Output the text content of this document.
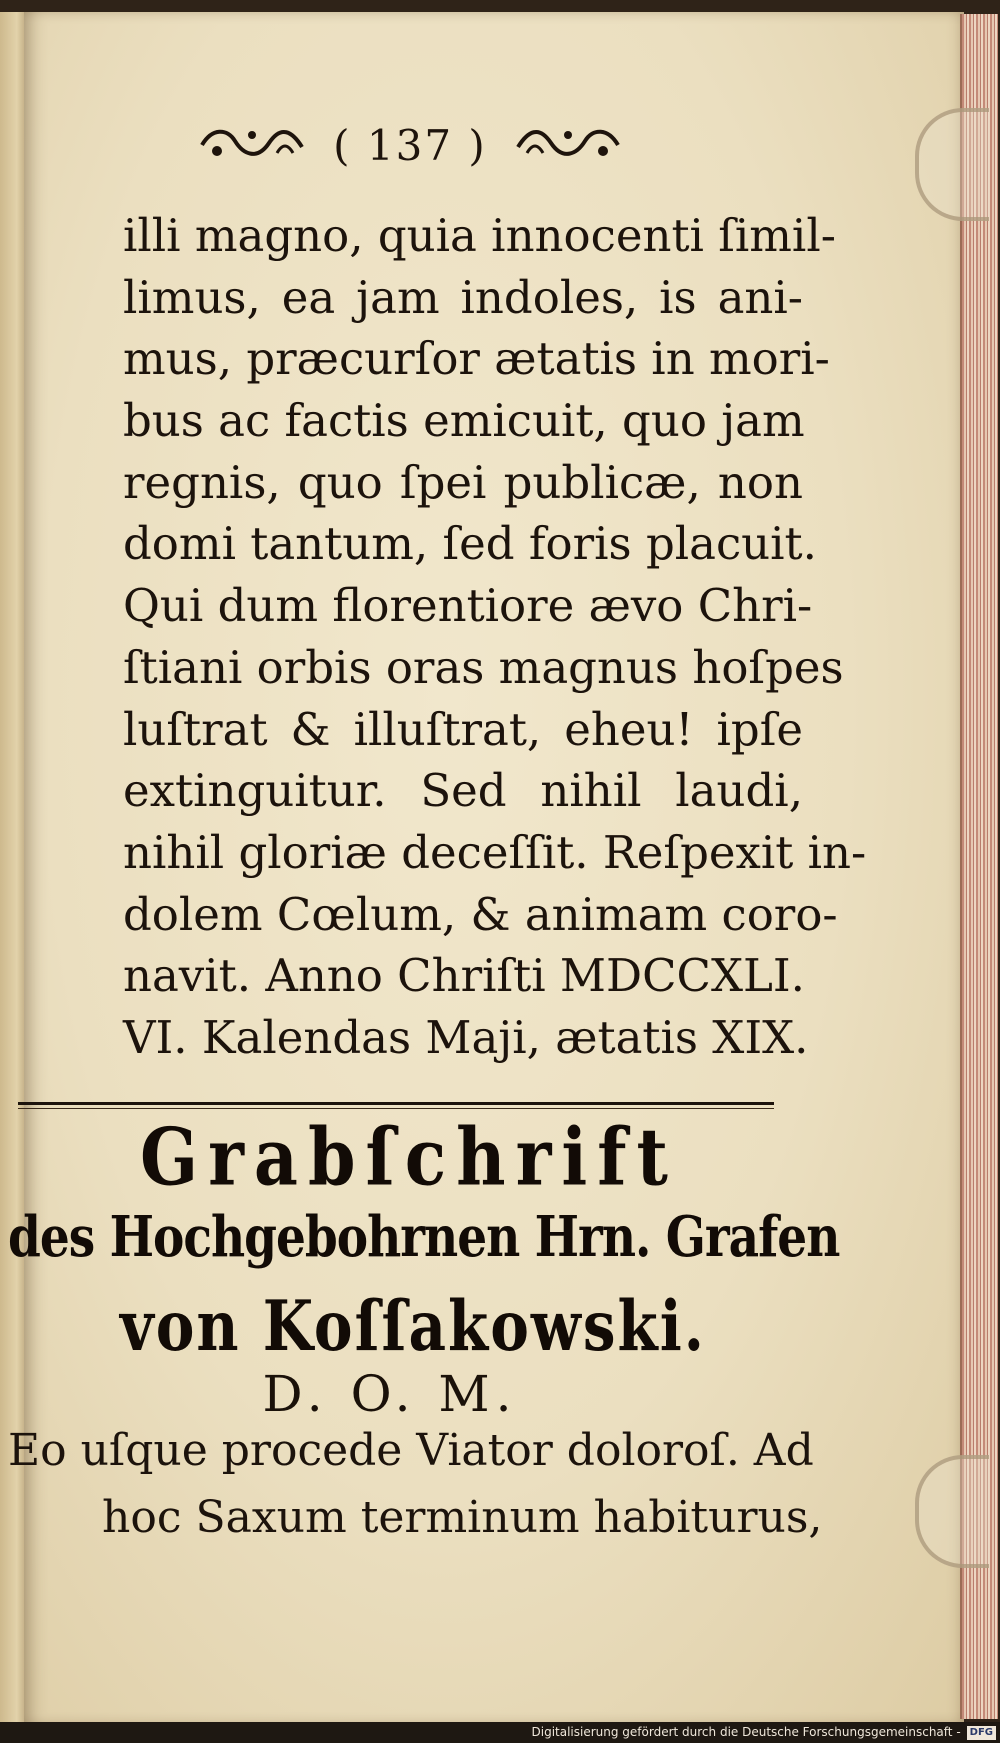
( 137 )
illi magno, quia innocenti ſimil-
limus, ea jam indoles, is ani-
mus, præcurſor ætatis in mori-
bus ac factis emicuit, quo jam
regnis, quo ſpei publicæ, non
domi tantum, ſed foris placuit.
Qui dum florentiore ævo Chri-
ſtiani orbis oras magnus hoſpes
luſtrat & illuſtrat, eheu! ipſe
extinguitur. Sed nihil laudi,
nihil gloriæ deceſſit. Reſpexit in-
dolem Cœlum, & animam coro-
navit. Anno Chriſti MDCCXLI.
VI. Kalendas Maji, ætatis XIX.
Grabſchrift
des Hochgebohrnen Hrn. Grafen
von Koſſakowski.
D. O. M.
Eo uſque procede Viator doloroſ. Ad
hoc Saxum terminum habiturus,
Digitalisierung gefördert durch die Deutsche Forschungsgemeinschaft - DFG
